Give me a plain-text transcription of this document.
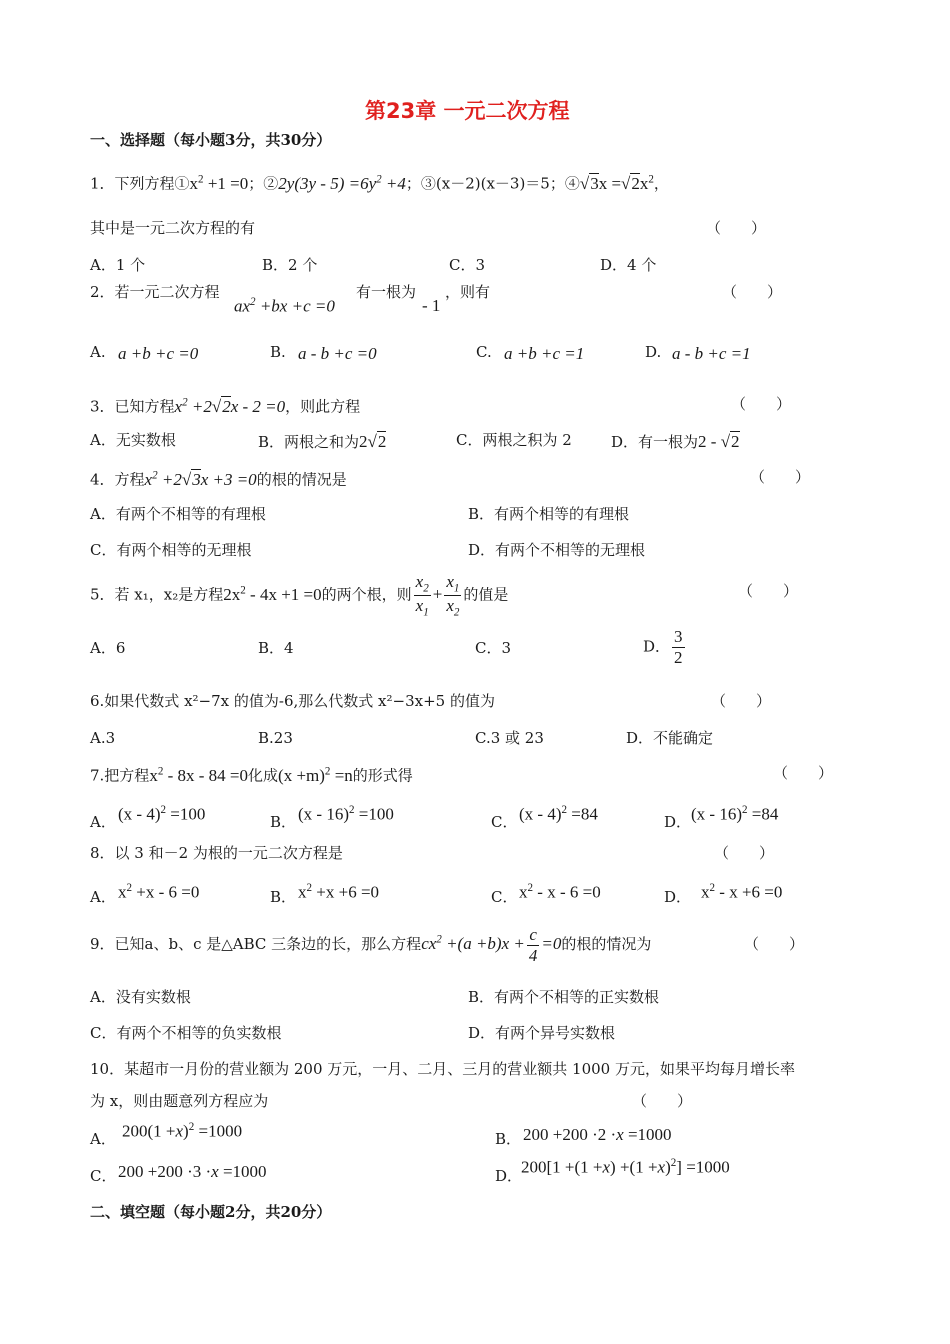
第23章 一元二次方程
一、选择题（每小题3分，共30分）
1．下列方程$①x^2 +1 =0$；②2y(3y - $5) =6y^2 +4$；③(x－2)(x－3)＝5；④√3x $=√2x^2$，
其中是一元二次方程的有	（　　）
A．1 个	B．2 个	C．3	D．4 个
2．若一元二次方程
$ax^2 +bx +c =0$
有一根为
- 1
，则有	（　　）
A. a +b +c =0	B. a - b +c =0	C. a +b +c =1	D. a - b +c =1
3．已知方程$x^2 +2√2x - 2 =0$，则此方程	（　　）
A．无实数根	B．两根之和为2√2	C．两根之积为 2	D．有一根为2 - √2
4．方程$x^2 +2√3x +3 =0$的根的情况是	（　　）
A．有两个不相等的有理根	B．有两个相等的有理根
C．有两个相等的无理根	D．有两个不相等的无理根
5．若 x₁，x₂是方程$2x^2 - 4x +1 =0$的两个根，则 $\frac{x_2}{x_1} + \frac{x_1}{x_2}$ 的值是	（　　）
A．6	B．4	C．3	D． $\frac{3}{2}$
6.如果代数式 x²−7x 的值为-6,那么代数式 x²−3x+5 的值为	（　　）
A.3	B.23	C.3 或 23	D．不能确定
7.把方程$x^2 - 8x - 84 =0$化成$(x +m)^2 =n$的形式得	（　　）
A． (x - 4)$^2$ =100	B． (x - 16)$^2$ =100	C． (x - 4)$^2$ =84	D． (x - 16)$^2$ =84
8．以 3 和－2 为根的一元二次方程是	（　　）
A． $x^2 +x - 6 =0$	B． $x^2 +x +6 =0$	C． $x^2 - x - 6 =0$	D． $x^2 - x +6 =0$
9．已知a、b、c 是△ABC 三条边的长，那么方程$cx^2 +(a +b)x + \frac{c}{4} =0$的根的情况为	（　　）
A．没有实数根	B．有两个不相等的正实数根
C．有两个不相等的负实数根	D．有两个异号实数根
10．某超市一月份的营业额为 200 万元，一月、二月、三月的营业额共 1000 万元，如果平均每月增长率
为 x，则由题意列方程应为	（　　）
A． $200(1 +x)^2 =1000$	B． 200 +200 ·2 ·x =1000
C． 200 +200 ·3 ·x =1000	D．
$200[1 +(1 +x) +(1 +x)^2] =1000$
二、填空题（每小题2分，共20分）
